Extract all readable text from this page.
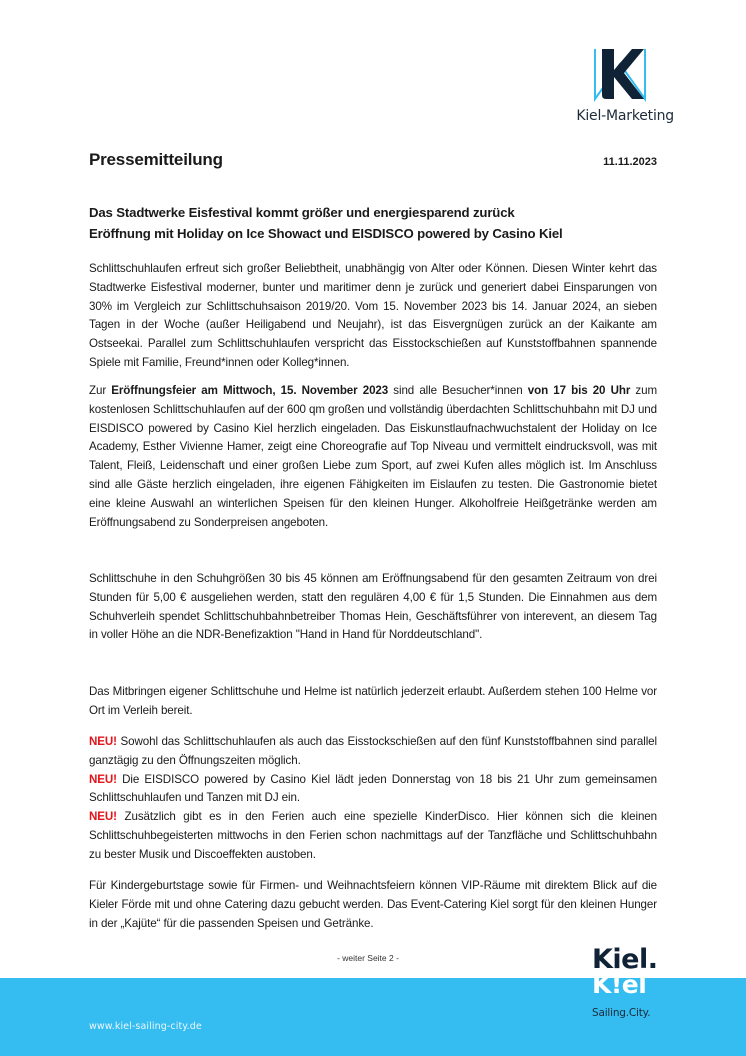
Kiel-Marketing
Pressemitteilung	11.11.2023
Das Stadtwerke Eisfestival kommt größer und energiesparend zurück
Eröffnung mit Holiday on Ice Showact und EISDISCO powered by Casino Kiel

Schlittschuhlaufen erfreut sich großer Beliebtheit, unabhängig von Alter oder Können. Diesen Winter kehrt das Stadtwerke Eisfestival moderner, bunter und maritimer denn je zurück und generiert dabei Einsparungen von 30% im Vergleich zur Schlittschuhsaison 2019/20. Vom 15. November 2023 bis 14. Januar 2024, an sieben Tagen in der Woche (außer Heiligabend und Neujahr), ist das Eisvergnügen zurück an der Kaikante am Ostseekai. Parallel zum Schlittschuhlaufen verspricht das Eisstockschießen auf Kunststoffbahnen spannende Spiele mit Familie, Freund*innen oder Kolleg*innen.

Zur Eröffnungsfeier am Mittwoch, 15. November 2023 sind alle Besucher*innen von 17 bis 20 Uhr zum kostenlosen Schlittschuhlaufen auf der 600 qm großen und vollständig überdachten Schlittschuhbahn mit DJ und EISDISCO powered by Casino Kiel herzlich eingeladen. Das Eiskunstlaufnachwuchstalent der Holiday on Ice Academy, Esther Vivienne Hamer, zeigt eine Choreografie auf Top Niveau und vermittelt eindrucksvoll, was mit Talent, Fleiß, Leidenschaft und einer großen Liebe zum Sport, auf zwei Kufen alles möglich ist. Im Anschluss sind alle Gäste herzlich eingeladen, ihre eigenen Fähigkeiten im Eislaufen zu testen. Die Gastronomie bietet eine kleine Auswahl an winterlichen Speisen für den kleinen Hunger. Alkoholfreie Heißgetränke werden am Eröffnungsabend zu Sonderpreisen angeboten.

Schlittschuhe in den Schuhgrößen 30 bis 45 können am Eröffnungsabend für den gesamten Zeitraum von drei Stunden für 5,00 € ausgeliehen werden, statt den regulären 4,00 € für 1,5 Stunden. Die Einnahmen aus dem Schuhverleih spendet Schlittschuhbahnbetreiber Thomas Hein, Geschäftsführer von interevent, an diesem Tag in voller Höhe an die NDR-Benefizaktion "Hand in Hand für Norddeutschland".

Das Mitbringen eigener Schlittschuhe und Helme ist natürlich jederzeit erlaubt. Außerdem stehen 100 Helme vor Ort im Verleih bereit.

NEU! Sowohl das Schlittschuhlaufen als auch das Eisstockschießen auf den fünf Kunststoffbahnen sind parallel ganztägig zu den Öffnungszeiten möglich.

NEU! Die EISDISCO powered by Casino Kiel lädt jeden Donnerstag von 18 bis 21 Uhr zum gemeinsamen Schlittschuhlaufen und Tanzen mit DJ ein.

NEU! Zusätzlich gibt es in den Ferien auch eine spezielle KinderDisco. Hier können sich die kleinen Schlittschuhbegeisterten mittwochs in den Ferien schon nachmittags auf der Tanzfläche und Schlittschuhbahn zu bester Musik und Discoeffekten austoben.

Für Kindergeburtstage sowie für Firmen- und Weihnachtsfeiern können VIP-Räume mit direktem Blick auf die Kieler Förde mit und ohne Catering dazu gebucht werden. Das Event-Catering Kiel sorgt für den kleinen Hunger in der „Kajüte“ für die passenden Speisen und Getränke.

- weiter Seite 2 -
www.kiel-sailing-city.de
Kiel.
K!el
Sailing.City.
